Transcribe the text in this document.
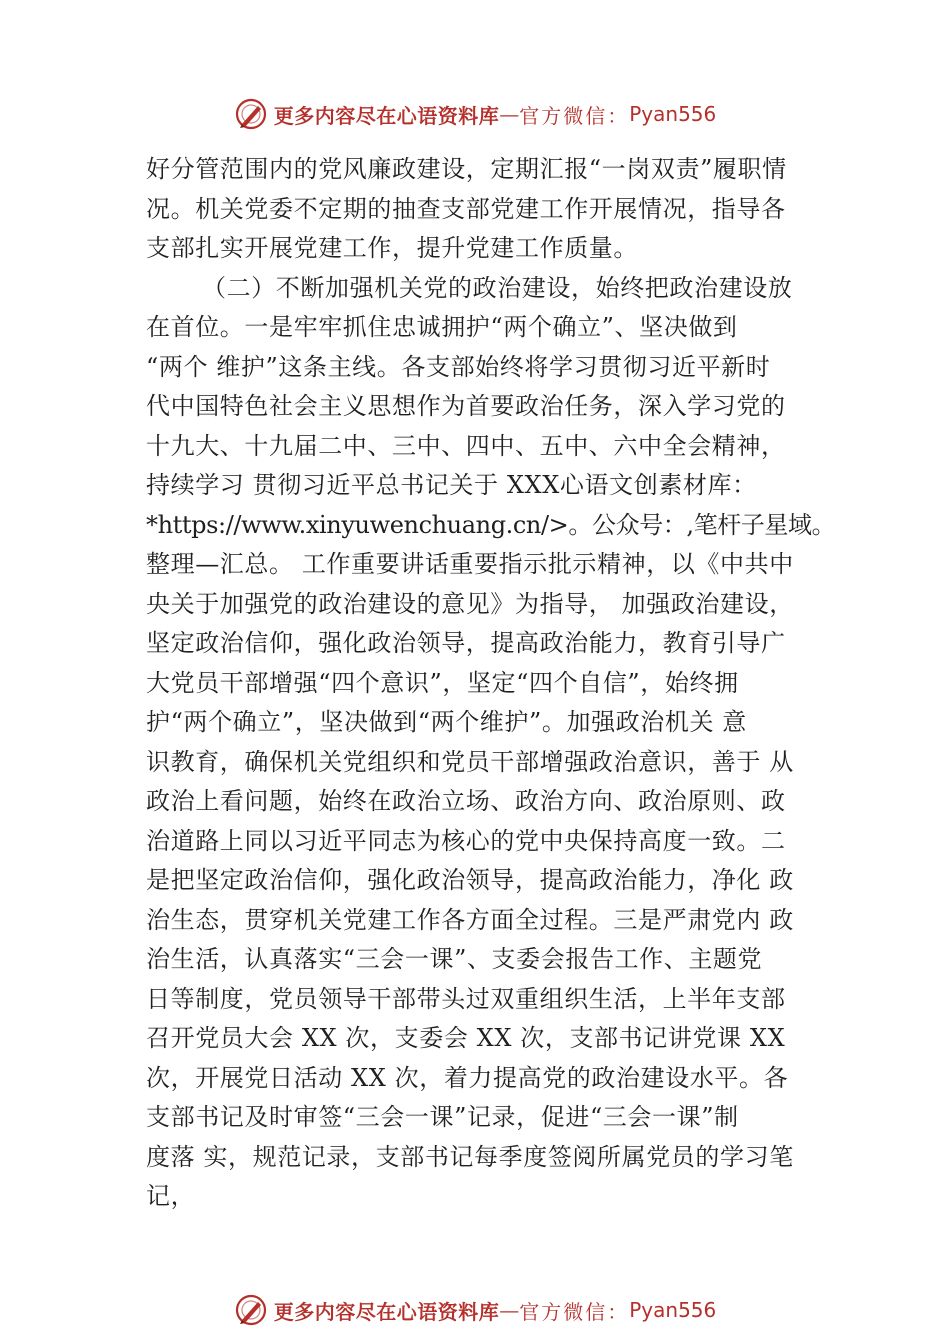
更多内容尽在心语资料库 — 官方微信： Pyan556
好分管范围内的党风廉政建设，定期汇报“一岗双责”履职情
况。机关党委不定期的抽查支部党建工作开展情况，指导各
支部扎实开展党建工作，提升党建工作质量。
（二）不断加强机关党的政治建设，始终把政治建设放
在首位。一是牢牢抓住忠诚拥护“两个确立”、坚决做到
“两个 维护”这条主线。各支部始终将学习贯彻习近平新时
代中国特色社会主义思想作为首要政治任务，深入学习党的
十九大、十九届二中、三中、四中、五中、六中全会精神，
持续学习 贯彻习近平总书记关于 XXX心语文创素材库：
*https://www.xinyuwenchuang.cn/>。公众号：,笔杆子星域。
整理—汇总。 工作重要讲话重要指示批示精神，以《中共中
央关于加强党的政治建设的意见》为指导， 加强政治建设，
坚定政治信仰，强化政治领导，提高政治能力，教育引导广
大党员干部增强“四个意识”，坚定“四个自信”，始终拥
护“两个确立”，坚决做到“两个维护”。加强政治机关 意
识教育，确保机关党组织和党员干部增强政治意识，善于 从
政治上看问题，始终在政治立场、政治方向、政治原则、政
治道路上同以习近平同志为核心的党中央保持高度一致。二
是把坚定政治信仰，强化政治领导，提高政治能力，净化 政
治生态，贯穿机关党建工作各方面全过程。三是严肃党内 政
治生活，认真落实“三会一课”、支委会报告工作、主题党
日等制度，党员领导干部带头过双重组织生活，上半年支部
召开党员大会 XX 次，支委会 XX 次，支部书记讲党课 XX
次，开展党日活动 XX 次，着力提高党的政治建设水平。各
支部书记及时审签“三会一课”记录，促进“三会一课”制
度落 实，规范记录，支部书记每季度签阅所属党员的学习笔
记，
更多内容尽在心语资料库 — 官方微信： Pyan556
